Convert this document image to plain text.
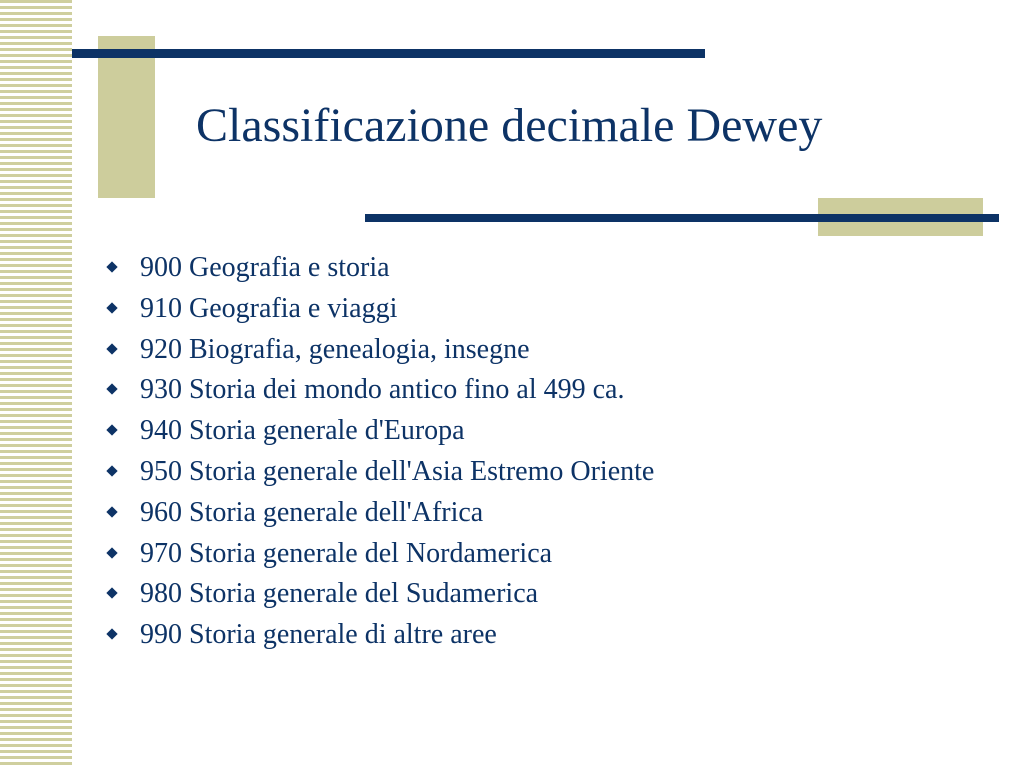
Classificazione decimale Dewey
900 Geografia e storia
910 Geografia e viaggi
920 Biografia, genealogia, insegne
930 Storia dei mondo antico fino al 499 ca.
940 Storia generale d'Europa
950 Storia generale dell'Asia Estremo Oriente
960 Storia generale dell'Africa
970 Storia generale del Nordamerica
980 Storia generale del Sudamerica
990 Storia generale di altre aree
